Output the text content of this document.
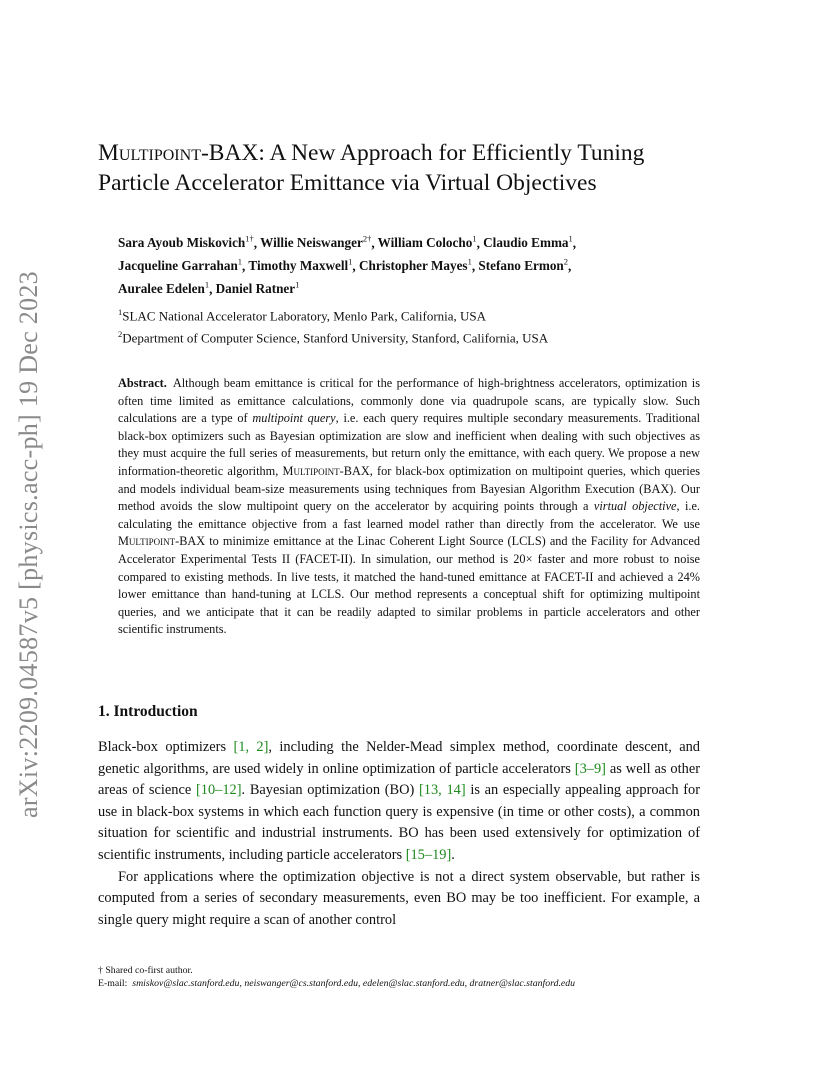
arXiv:2209.04587v5 [physics.acc-ph] 19 Dec 2023
Multipoint-BAX: A New Approach for Efficiently Tuning
Particle Accelerator Emittance via Virtual Objectives
Sara Ayoub Miskovich$^{1\dagger}$, Willie Neiswanger$^{2\dagger}$, William Colocho$^1$, Claudio Emma$^1$,
Jacqueline Garrahan$^1$, Timothy Maxwell$^1$, Christopher Mayes$^1$, Stefano Ermon$^2$,
Auralee Edelen$^1$, Daniel Ratner$^1$
$^1$SLAC National Accelerator Laboratory, Menlo Park, California, USA
$^2$Department of Computer Science, Stanford University, Stanford, California, USA
Abstract. Although beam emittance is critical for the performance of high-brightness accelerators, optimization is often time limited as emittance calculations, commonly done via quadrupole scans, are typically slow. Such calculations are a type of multipoint query, i.e. each query requires multiple secondary measurements. Traditional black-box optimizers such as Bayesian optimization are slow and inefficient when dealing with such objectives as they must acquire the full series of measurements, but return only the emittance, with each query. We propose a new information-theoretic algorithm, Multipoint-BAX, for black-box optimization on multipoint queries, which queries and models individual beam-size measurements using techniques from Bayesian Algorithm Execution (BAX). Our method avoids the slow multipoint query on the accelerator by acquiring points through a virtual objective, i.e. calculating the emittance objective from a fast learned model rather than directly from the accelerator. We use Multipoint-BAX to minimize emittance at the Linac Coherent Light Source (LCLS) and the Facility for Advanced Accelerator Experimental Tests II (FACET-II). In simulation, our method is 20× faster and more robust to noise compared to existing methods. In live tests, it matched the hand-tuned emittance at FACET-II and achieved a 24% lower emittance than hand-tuning at LCLS. Our method represents a conceptual shift for optimizing multipoint queries, and we anticipate that it can be readily adapted to similar problems in particle accelerators and other scientific instruments.
1. Introduction

Black-box optimizers [1, 2], including the Nelder-Mead simplex method, coordinate descent, and genetic algorithms, are used widely in online optimization of particle accelerators [3–9] as well as other areas of science [10–12]. Bayesian optimization (BO) [13, 14] is an especially appealing approach for use in black-box systems in which each function query is expensive (in time or other costs), a common situation for scientific and industrial instruments. BO has been used extensively for optimization of scientific instruments, including particle accelerators [15–19].

For applications where the optimization objective is not a direct system observable, but rather is computed from a series of secondary measurements, even BO may be too inefficient. For example, a single query might require a scan of another control

† Shared co-first author.
E-mail: smiskov@slac.stanford.edu, neiswanger@cs.stanford.edu, edelen@slac.stanford.edu, dratner@slac.stanford.edu
